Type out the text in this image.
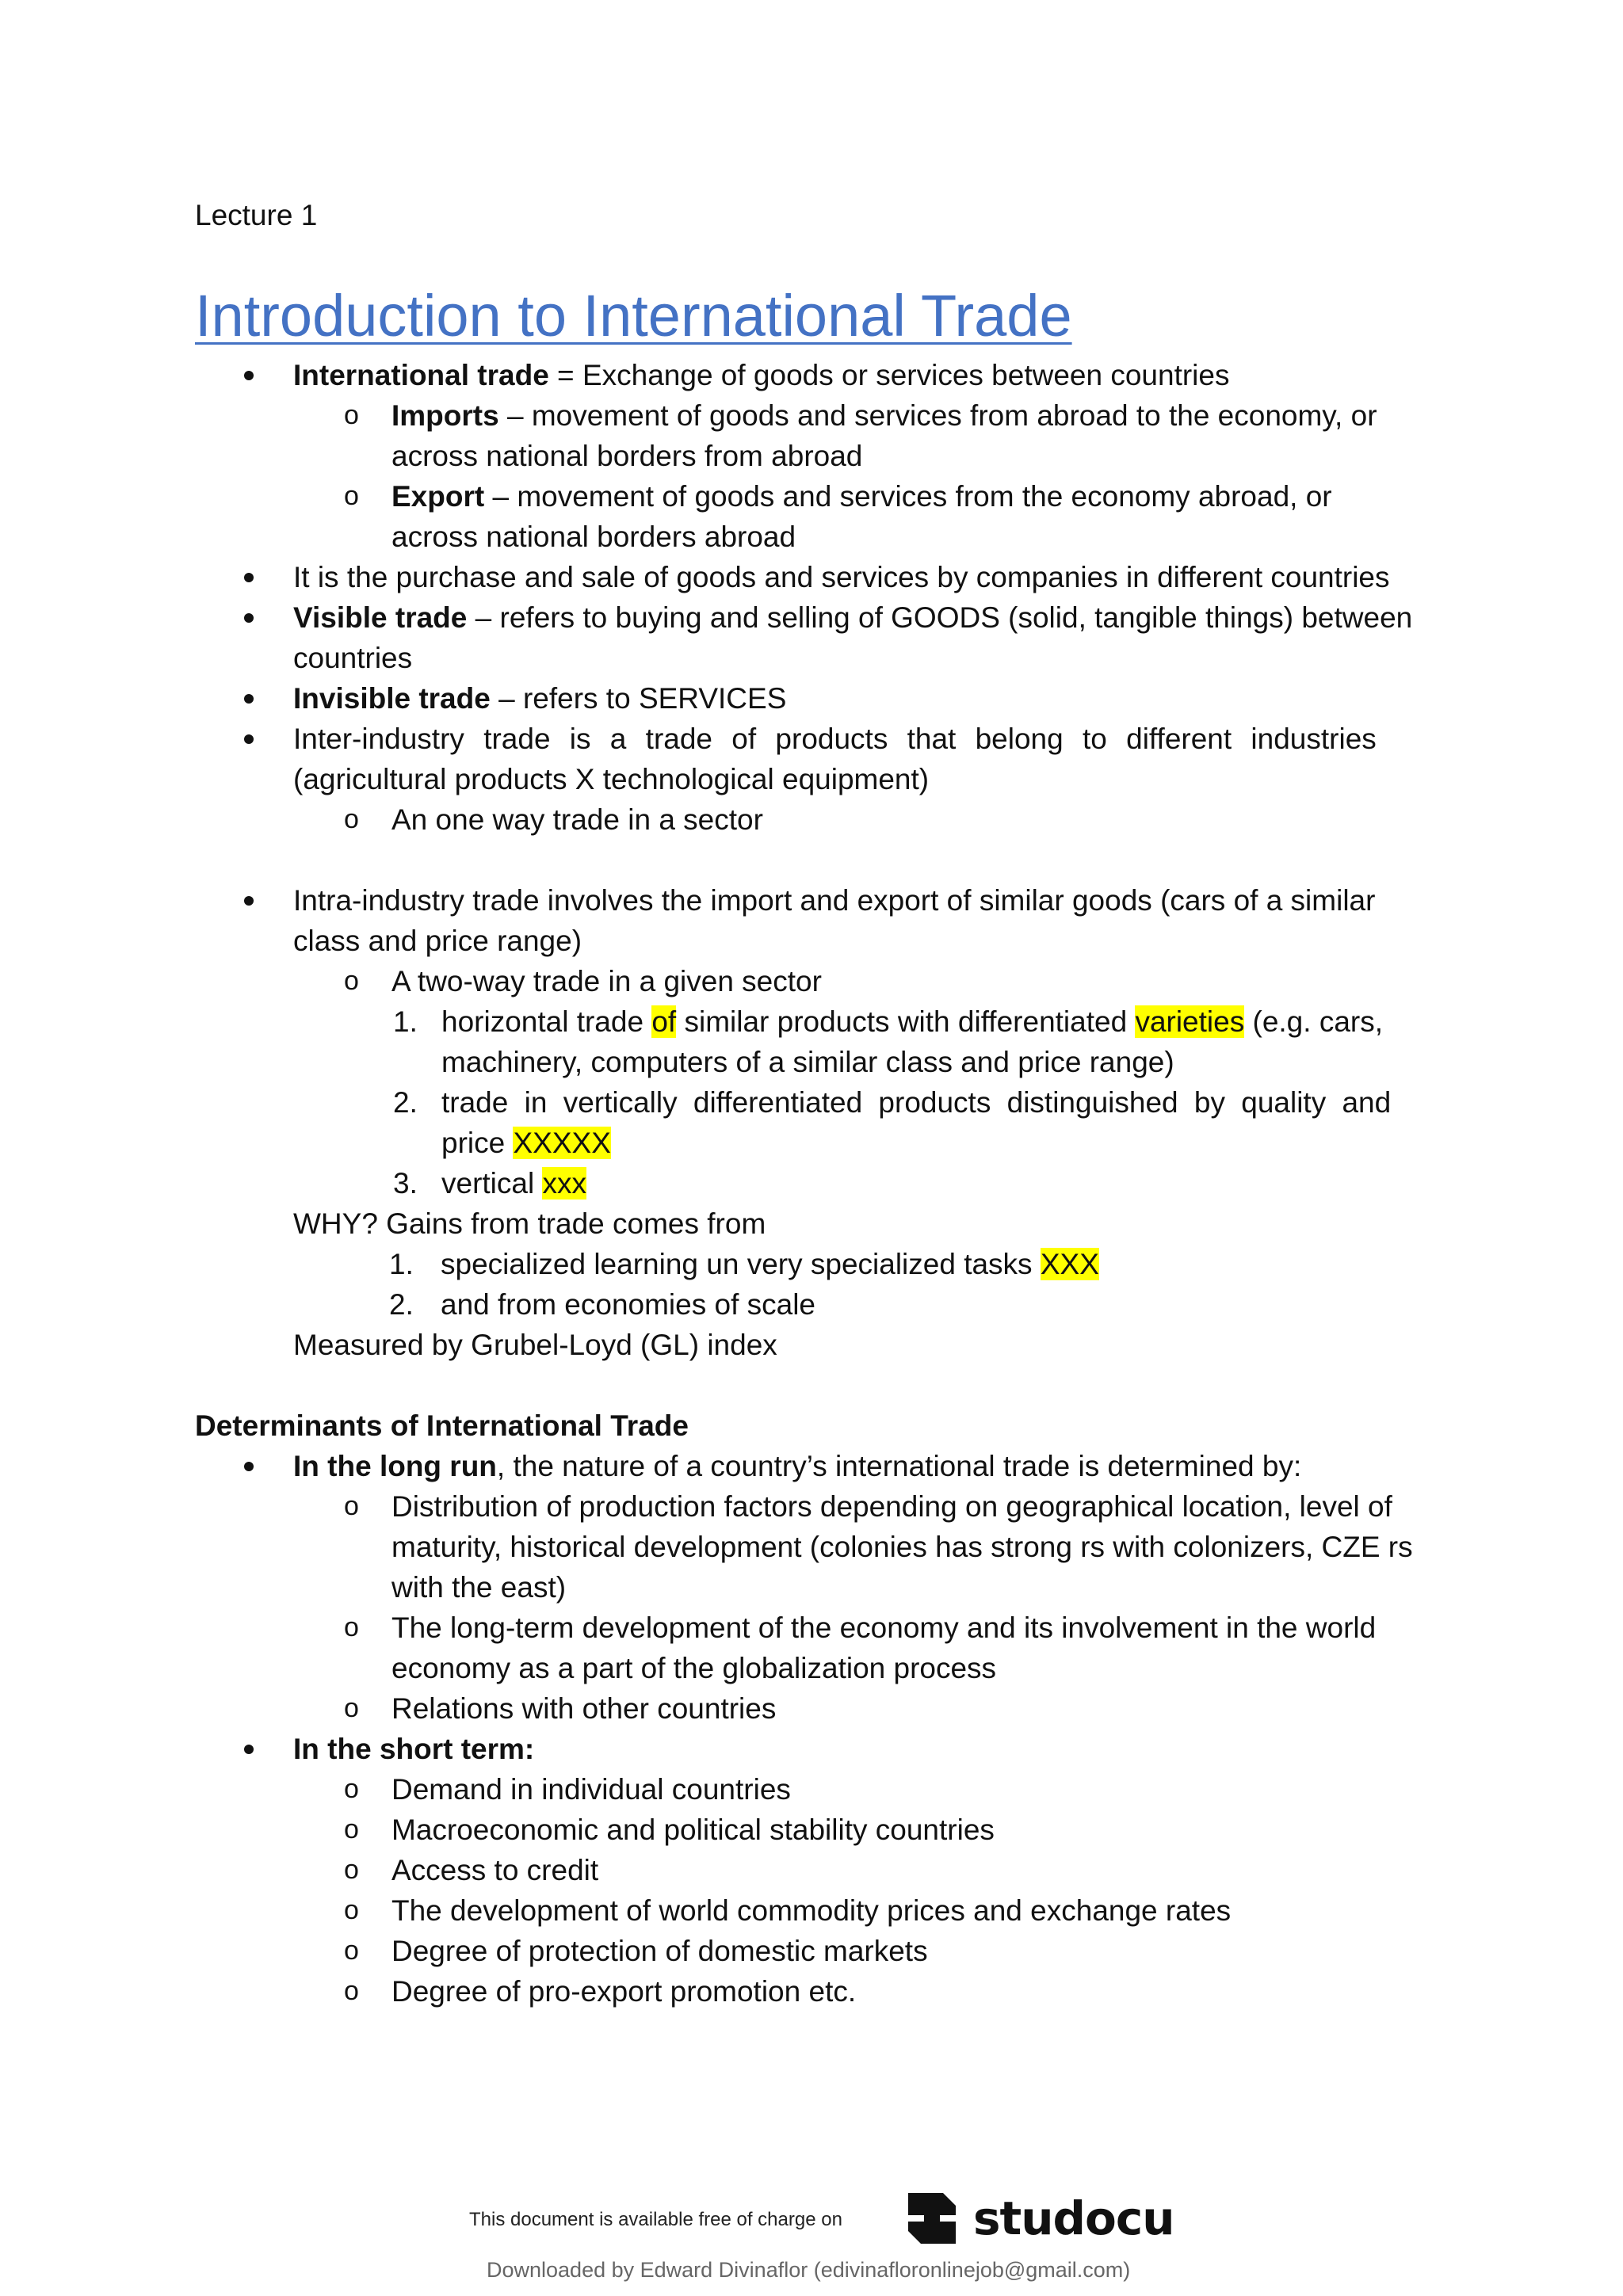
Lecture 1
Introduction to International Trade
International trade = Exchange of goods or services between countries
o Imports – movement of goods and services from abroad to the economy, or
across national borders from abroad
o Export – movement of goods and services from the economy abroad, or
across national borders abroad
It is the purchase and sale of goods and services by companies in different countries
Visible trade – refers to buying and selling of GOODS (solid, tangible things) between
countries
Invisible trade – refers to SERVICES
Inter-industry trade is a trade of products that belong to different industries
(agricultural products X technological equipment)
o An one way trade in a sector
Intra-industry trade involves the import and export of similar goods (cars of a similar
class and price range)
o A two-way trade in a given sector
1. horizontal trade of similar products with differentiated varieties (e.g. cars,
machinery, computers of a similar class and price range)
2. trade in vertically differentiated products distinguished by quality and
price XXXXX
3. vertical xxx
WHY? Gains from trade comes from
1. specialized learning un very specialized tasks XXX
2. and from economies of scale
Measured by Grubel-Loyd (GL) index
Determinants of International Trade
In the long run, the nature of a country’s international trade is determined by:
o Distribution of production factors depending on geographical location, level of
maturity, historical development (colonies has strong rs with colonizers, CZE rs
with the east)
o The long-term development of the economy and its involvement in the world
economy as a part of the globalization process
o Relations with other countries
In the short term:
o Demand in individual countries
o Macroeconomic and political stability countries
o Access to credit
o The development of world commodity prices and exchange rates
o Degree of protection of domestic markets
o Degree of pro-export promotion etc.
This document is available free of charge on	studocu
Downloaded by Edward Divinaflor (edivinafloronlinejob@gmail.com)
